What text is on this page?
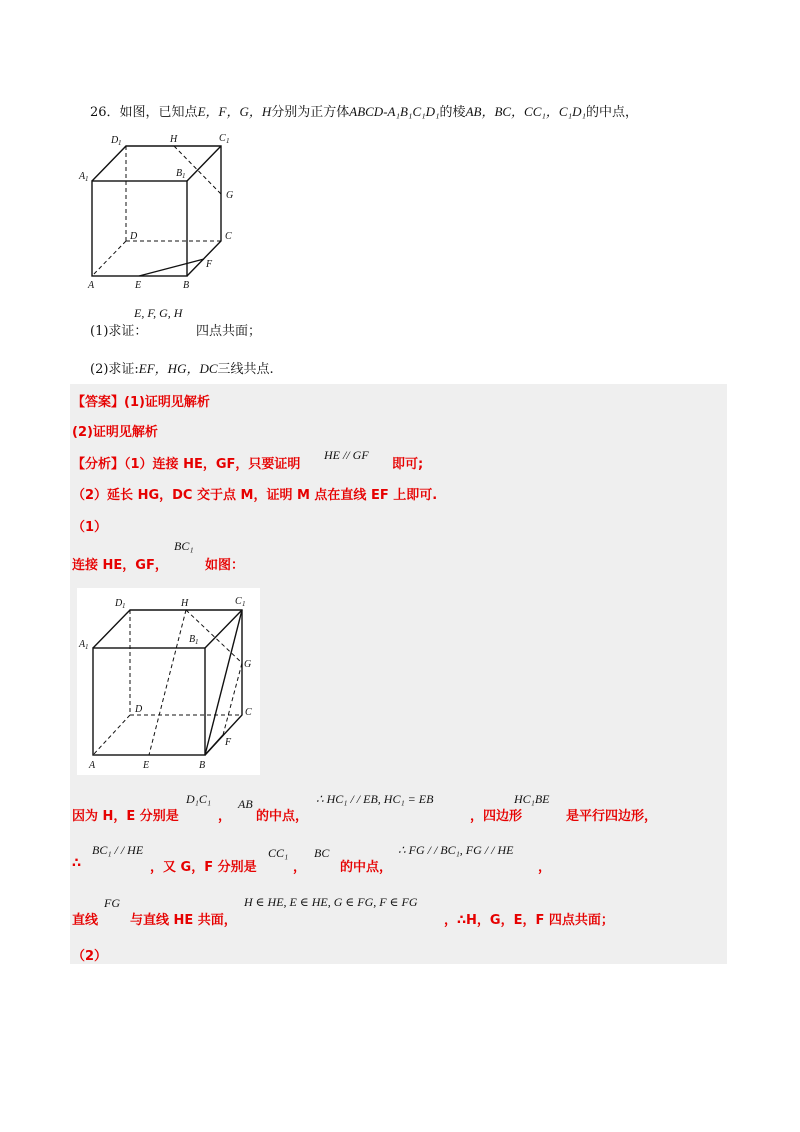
26．如图，已知点E，F，G，H分别为正方体ABCD-A₁B₁C₁D₁的棱AB，BC，CC₁，C₁D₁的中点，
D 1	H	C 1
A 1	B 1
G
D	C
F
A	E	B
(1)求证：
E, F, G, H
四点共面；
(2)求证:EF，HG，DC三线共点.
【答案】(1)证明见解析
(2)证明见解析
【分析】（1）连接 HE，GF，只要证明
HE // GF
即可;
（2）延长 HG，DC 交于点 M，证明 M 点在直线 EF 上即可.
（1）
BC₁
连接 HE，GF，	如图：
D 1	H	C 1
A 1
B 1
G
D	C
F
A	E	B
因为 H，E 分别是
D₁C₁
，
AB
的中点，
∴ HC₁ / / EB, HC₁ = EB
，四边形
HC₁BE
是平行四边形，
∴
BC₁ / / HE
，又 G，F 分别是
CC₁
，
BC
的中点，
∴ FG / / BC₁, FG / / HE
，
直线
FG
与直线 HE 共面，
H ∈ HE, E ∈ HE, G ∈ FG, F ∈ FG
，∴H，G，E，F 四点共面；
（2）
